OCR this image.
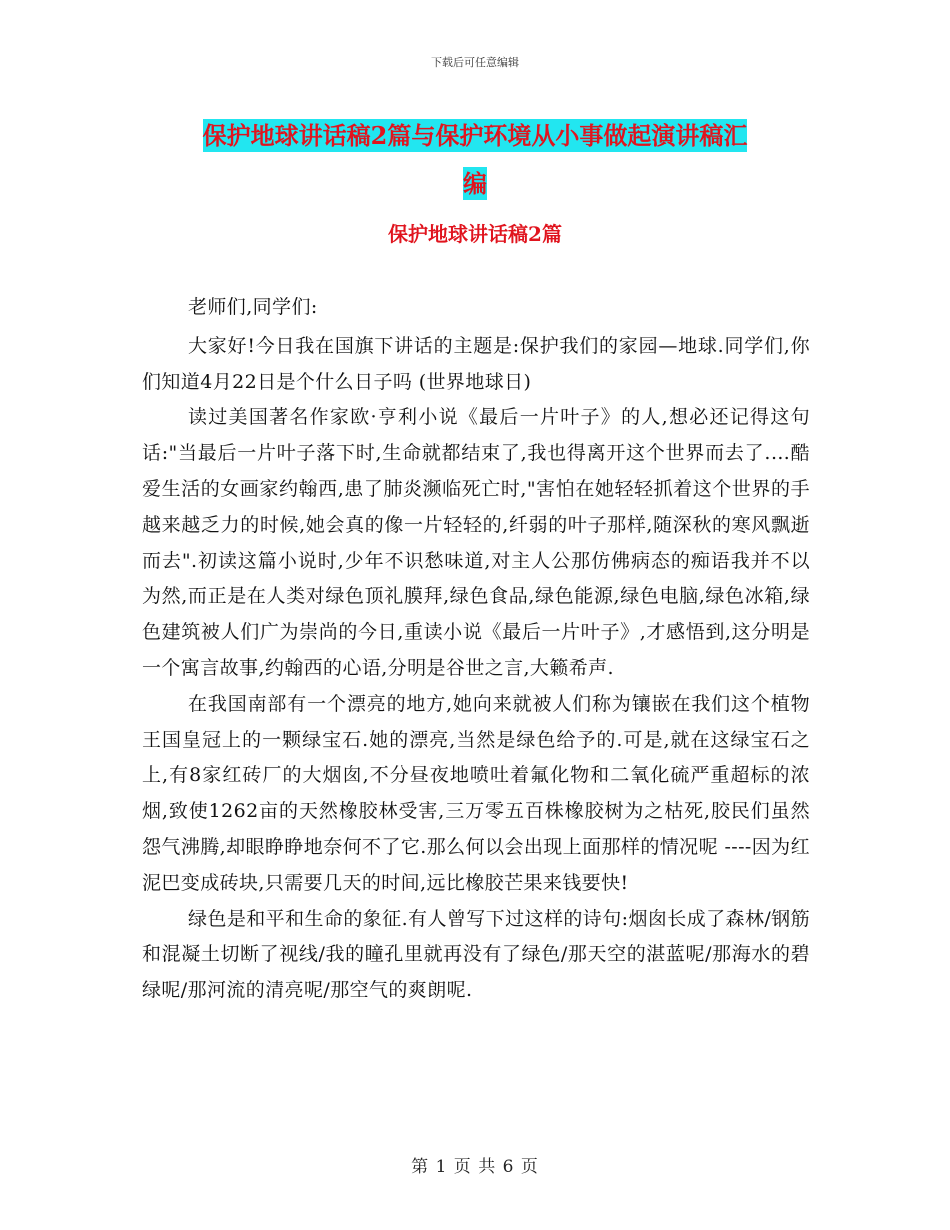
下载后可任意编辑
保护地球讲话稿2篇与保护环境从小事做起演讲稿汇
编
保护地球讲话稿2篇

老师们,同学们:

大家好!今日我在国旗下讲话的主题是:保护我们的家园—地球.同学们,你们知道4月22日是个什么日子吗 (世界地球日)

读过美国著名作家欧·亨利小说《最后一片叶子》的人,想必还记得这句话:"当最后一片叶子落下时,生命就都结束了,我也得离开这个世界而去了.…酷爱生活的女画家约翰西,患了肺炎濒临死亡时,"害怕在她轻轻抓着这个世界的手越来越乏力的时候,她会真的像一片轻轻的,纤弱的叶子那样,随深秋的寒风飘逝而去".初读这篇小说时,少年不识愁味道,对主人公那仿佛病态的痴语我并不以为然,而正是在人类对绿色顶礼膜拜,绿色食品,绿色能源,绿色电脑,绿色冰箱,绿色建筑被人们广为崇尚的今日,重读小说《最后一片叶子》,才感悟到,这分明是一个寓言故事,约翰西的心语,分明是谷世之言,大籁希声.

在我国南部有一个漂亮的地方,她向来就被人们称为镶嵌在我们这个植物王国皇冠上的一颗绿宝石.她的漂亮,当然是绿色给予的.可是,就在这绿宝石之上,有8家红砖厂的大烟囱,不分昼夜地喷吐着氟化物和二氧化硫严重超标的浓烟,致使1262亩的天然橡胶林受害,三万零五百株橡胶树为之枯死,胶民们虽然怨气沸腾,却眼睁睁地奈何不了它.那么何以会出现上面那样的情况呢 ----因为红泥巴变成砖块,只需要几天的时间,远比橡胶芒果来钱要快!

绿色是和平和生命的象征.有人曾写下过这样的诗句:烟囱长成了森林/钢筋和混凝土切断了视线/我的瞳孔里就再没有了绿色/那天空的湛蓝呢/那海水的碧绿呢/那河流的清亮呢/那空气的爽朗呢.

第 1 页 共 6 页
